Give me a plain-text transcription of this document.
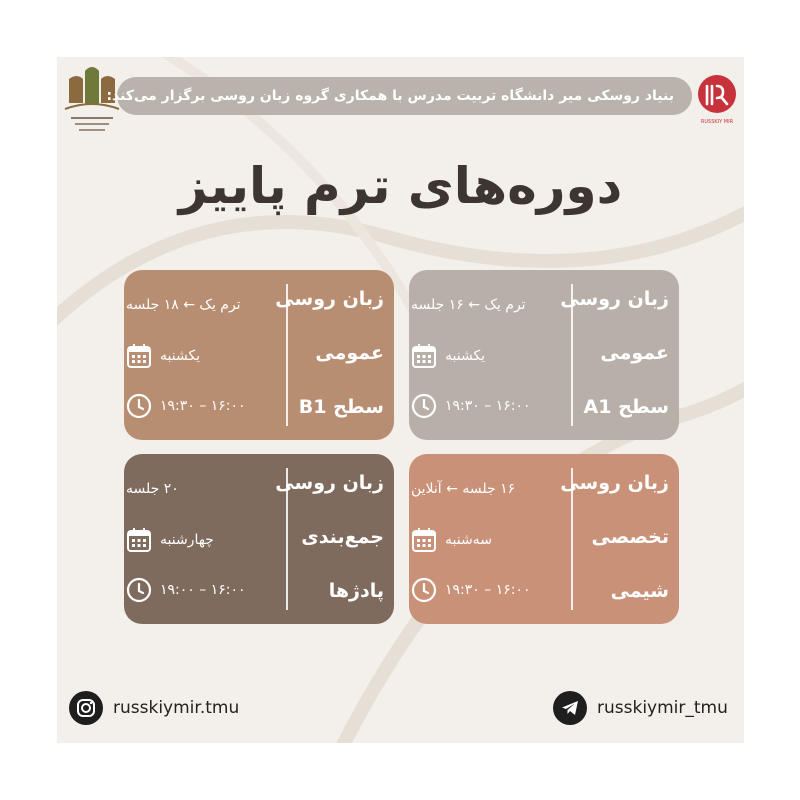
بنیاد روسکی میر دانشگاه تربیت مدرس با همکاری گروه زبان روسی برگزار می‌کند:
RUSSKIY MIR
دوره‌های ترم پاییز
زبان روسی
عمومی
سطح A1
ترم یک ← ۱۶ جلسه
یکشنبه
۱۶:۰۰ – ۱۹:۳۰
زبان روسی
عمومی
سطح B1
ترم یک ← ۱۸ جلسه
یکشنبه
۱۶:۰۰ – ۱۹:۳۰
زبان روسی
تخصصی
شیمی
۱۶ جلسه ← آنلاین
سه‌شنبه
۱۶:۰۰ – ۱۹:۳۰
زبان روسی
جمع‌بندی
پادژها
۲۰ جلسه
چهارشنبه
۱۶:۰۰ – ۱۹:۰۰
russkiymir.tmu	russkiymir_tmu
